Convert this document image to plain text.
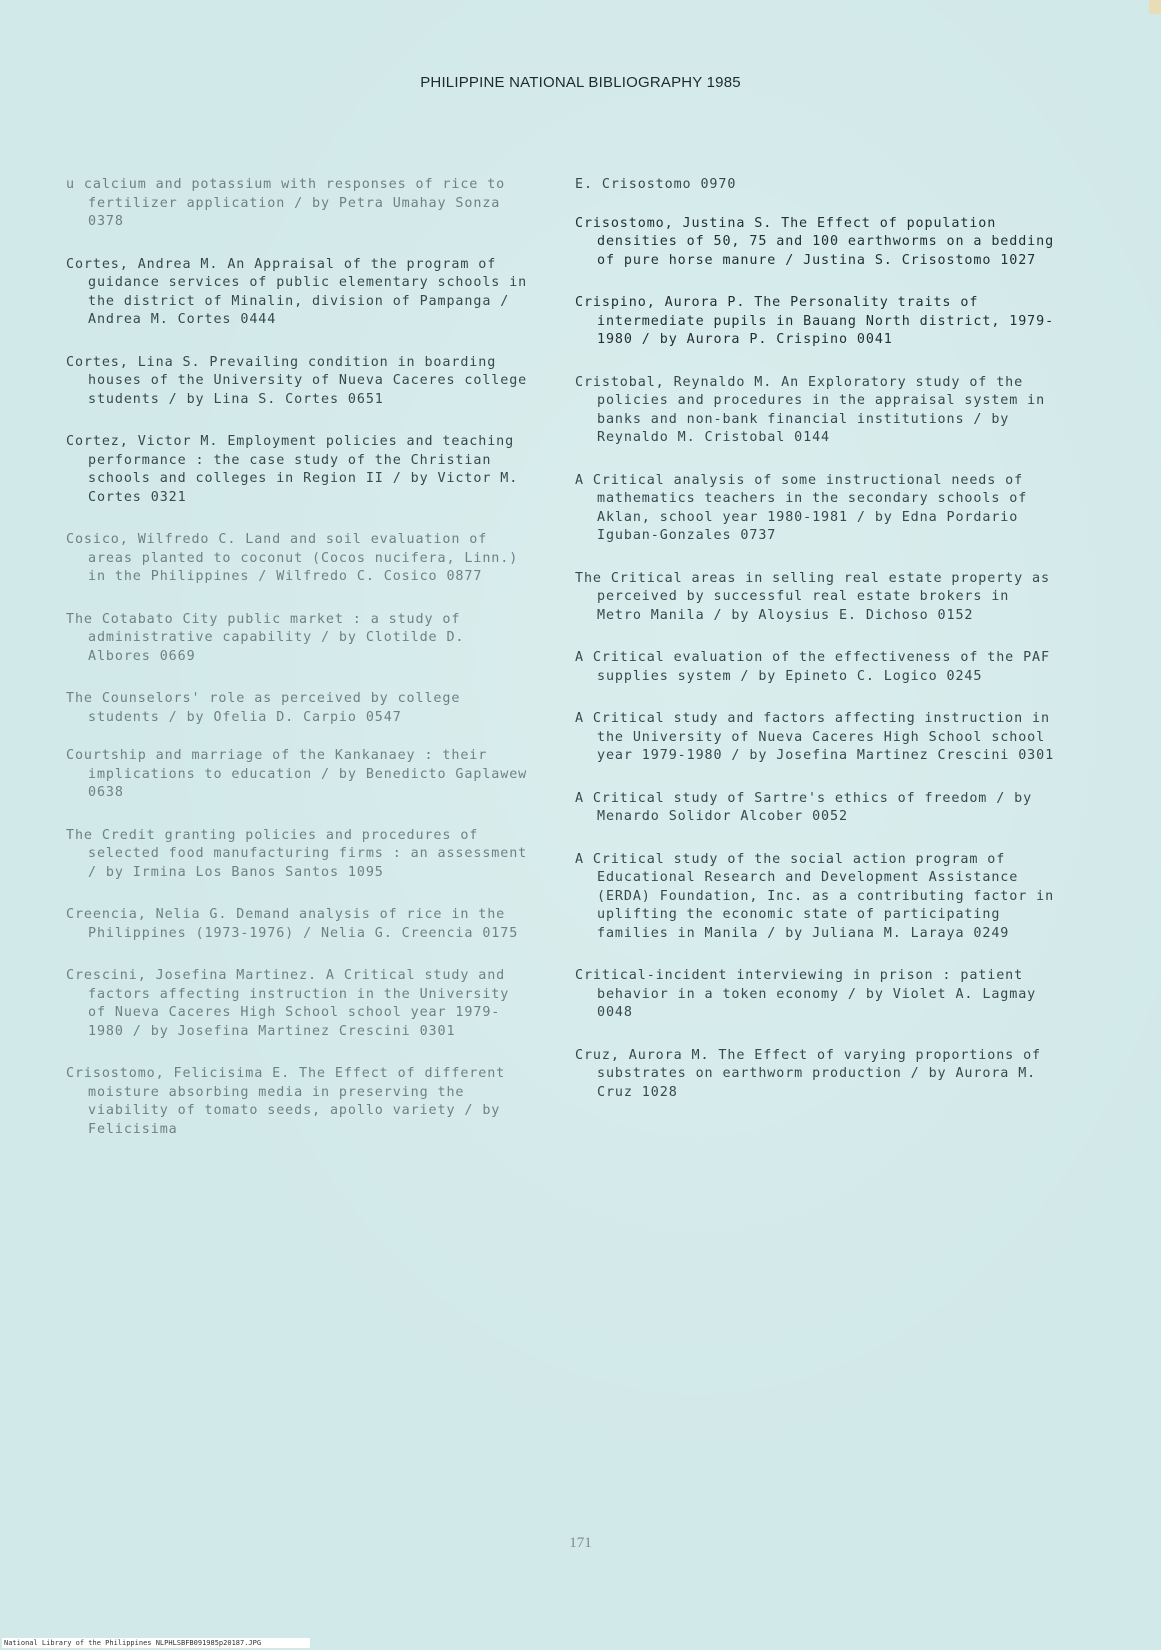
PHILIPPINE NATIONAL BIBLIOGRAPHY 1985

u calcium and potassium with responses of rice to fertilizer application / by Petra Umahay Sonza 0378

Cortes, Andrea M. An Appraisal of the program of guidance services of public elementary schools in the district of Minalin, division of Pampanga / Andrea M. Cortes 0444

Cortes, Lina S. Prevailing condition in boarding houses of the University of Nueva Caceres college students / by Lina S. Cortes 0651

Cortez, Victor M. Employment policies and teaching performance : the case study of the Christian schools and colleges in Region II / by Victor M. Cortes 0321

Cosico, Wilfredo C. Land and soil evaluation of areas planted to coconut (Cocos nucifera, Linn.) in the Philippines / Wilfredo C. Cosico 0877

The Cotabato City public market : a study of administrative capability / by Clotilde D. Albores 0669

The Counselors' role as perceived by college students / by Ofelia D. Carpio 0547

Courtship and marriage of the Kankanaey : their implications to education / by Benedicto Gaplawew 0638

The Credit granting policies and procedures of selected food manufacturing firms : an assessment / by Irmina Los Banos Santos 1095

Creencia, Nelia G. Demand analysis of rice in the Philippines (1973-1976) / Nelia G. Creencia 0175

Crescini, Josefina Martinez. A Critical study and factors affecting instruction in the University of Nueva Caceres High School school year 1979-1980 / by Josefina Martinez Crescini 0301

Crisostomo, Felicisima E. The Effect of different moisture absorbing media in preserving the viability of tomato seeds, apollo variety / by Felicisima

E. Crisostomo 0970

Crisostomo, Justina S. The Effect of population densities of 50, 75 and 100 earthworms on a bedding of pure horse manure / Justina S. Crisostomo 1027

Crispino, Aurora P. The Personality traits of intermediate pupils in Bauang North district, 1979-1980 / by Aurora P. Crispino 0041

Cristobal, Reynaldo M. An Exploratory study of the policies and procedures in the appraisal system in banks and non-bank financial institutions / by Reynaldo M. Cristobal 0144

A Critical analysis of some instructional needs of mathematics teachers in the secondary schools of Aklan, school year 1980-1981 / by Edna Pordario Iguban-Gonzales 0737

The Critical areas in selling real estate property as perceived by successful real estate brokers in Metro Manila / by Aloysius E. Dichoso 0152

A Critical evaluation of the effectiveness of the PAF supplies system / by Epineto C. Logico 0245

A Critical study and factors affecting instruction in the University of Nueva Caceres High School school year 1979-1980 / by Josefina Martinez Crescini 0301

A Critical study of Sartre's ethics of freedom / by Menardo Solidor Alcober 0052

A Critical study of the social action program of Educational Research and Development Assistance (ERDA) Foundation, Inc. as a contributing factor in uplifting the economic state of participating families in Manila / by Juliana M. Laraya 0249

Critical-incident interviewing in prison : patient behavior in a token economy / by Violet A. Lagmay 0048

Cruz, Aurora M. The Effect of varying proportions of substrates on earthworm production / by Aurora M. Cruz 1028

171
National Library of the Philippines NLPHLSBFB091985p20187.JPG
